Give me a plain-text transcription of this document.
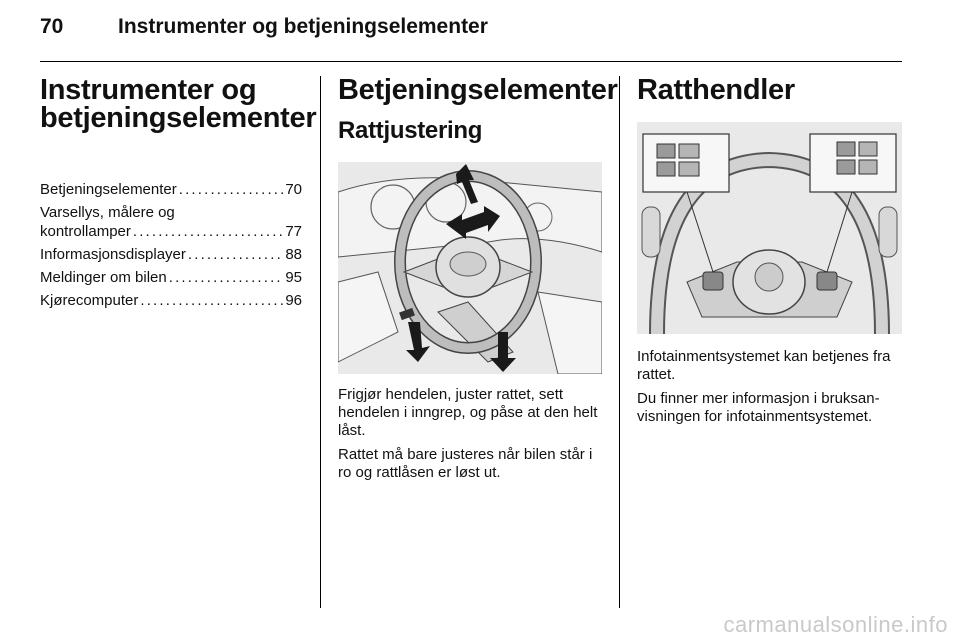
70	Instrumenter og betjeningselementer
Instrumenter og
betjeningselementer
Betjeningselementer . . .	70
Varsellys, målere og
kontrollamper . . .	77
Informasjonsdisplayer . . .	88
Meldinger om bilen . . .	95
Kjørecomputer . . .	96
Betjeningselementer
Rattjustering

Frigjør hendelen, juster rattet, sett hendelen i inngrep, og påse at den helt låst.

Rattet må bare justeres når bilen står i ro og rattlåsen er løst ut.

Ratthendler

Infotainmentsystemet kan betjenes fra rattet.

Du finner mer informasjon i bruksanvisningen for infotainmentsystemet.

carmanualsonline.info
